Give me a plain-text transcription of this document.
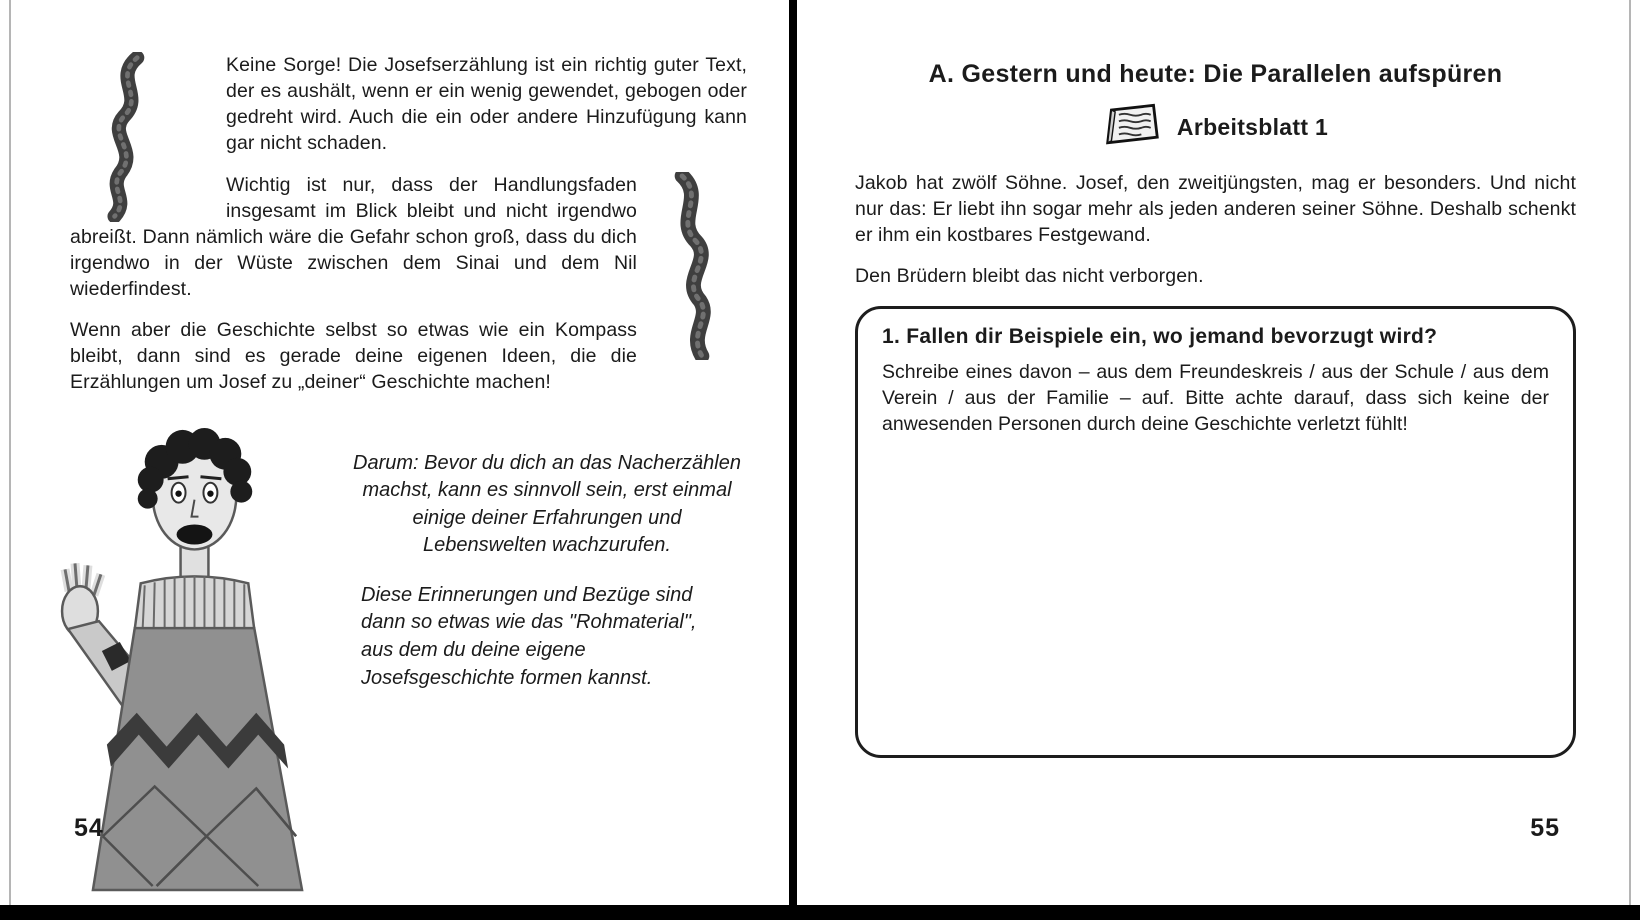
Keine Sorge! Die Josefserzählung ist ein richtig guter Text, der es aushält, wenn er ein wenig gewendet, gebogen oder gedreht wird. Auch die ein oder andere Hinzufügung kann gar nicht schaden.

Wichtig ist nur, dass der Handlungsfaden insgesamt im Blick bleibt und nicht irgendwo abreißt. Dann nämlich wäre die Gefahr schon groß, dass du dich irgendwo in der Wüste zwischen dem Sinai und dem Nil wiederfindest.

Wenn aber die Geschichte selbst so etwas wie ein Kompass bleibt, dann sind es gerade deine eigenen Ideen, die die Erzählungen um Josef zu „deiner“ Geschichte machen!

Darum: Bevor du dich an das Nacherzählen machst, kann es sinnvoll sein, erst einmal einige deiner Erfahrungen und Lebenswelten wachzurufen.

Diese Erinnerungen und Bezüge sind dann so etwas wie das "Rohmaterial", aus dem du deine eigene Josefsgeschichte formen kannst.

54
A. Gestern und heute: Die Parallelen aufspüren
Arbeitsblatt 1

Jakob hat zwölf Söhne. Josef, den zweitjüngsten, mag er besonders. Und nicht nur das: Er liebt ihn sogar mehr als jeden anderen seiner Söhne. Deshalb schenkt er ihm ein kostbares Festgewand.

Den Brüdern bleibt das nicht verborgen.

1. Fallen dir Beispiele ein, wo jemand bevorzugt wird?

Schreibe eines davon – aus dem Freundeskreis / aus der Schule / aus dem Verein / aus der Familie – auf. Bitte achte darauf, dass sich keine der anwesenden Personen durch deine Geschichte verletzt fühlt!

55
